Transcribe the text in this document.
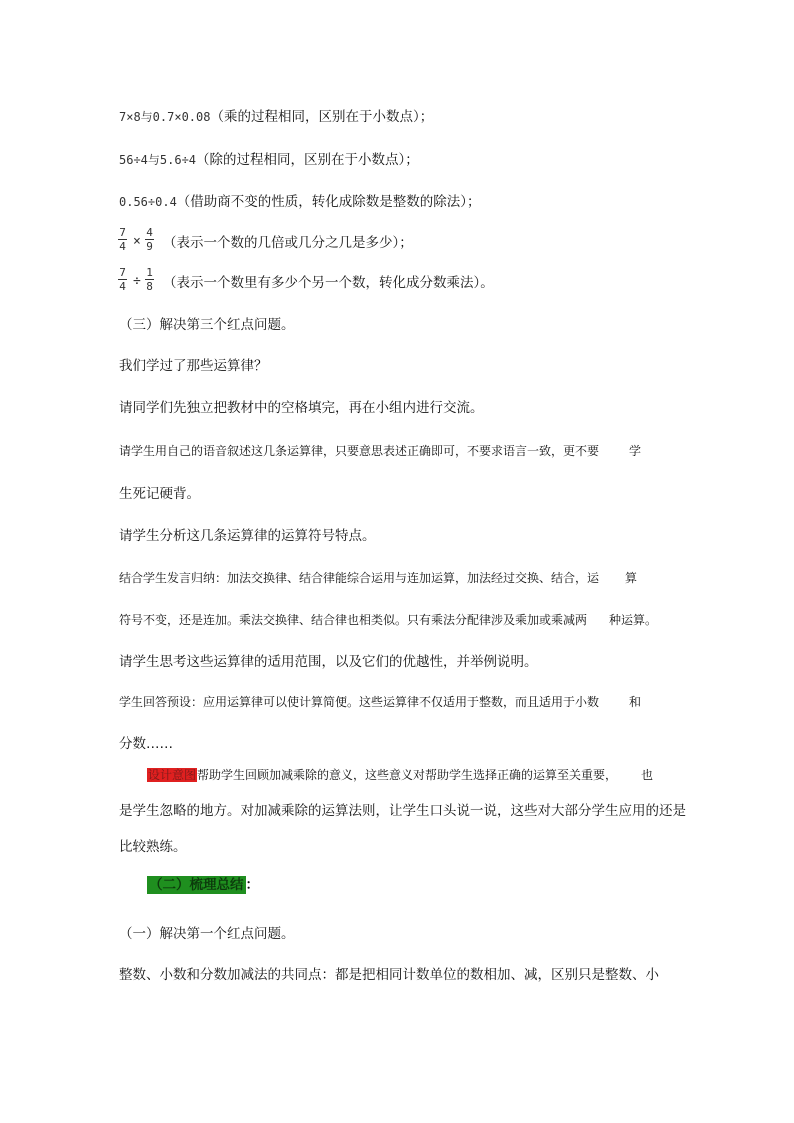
7×8与0.7×0.08（乘的过程相同，区别在于小数点）；
56÷4与5.6÷4（除的过程相同，区别在于小数点）；
0.56÷0.4（借助商不变的性质，转化成除数是整数的除法）；
7
4 ×
4
9 （表示一个数的几倍或几分之几是多少）；
7
4 ÷
1
8 （表示一个数里有多少个另一个数，转化成分数乘法）。
（三）解决第三个红点问题。
我们学过了那些运算律？
请同学们先独立把教材中的空格填完，再在小组内进行交流。
请学生用自己的语音叙述这几条运算律，只要意思表述正确即可，不要求语言一致，更不要	学
生死记硬背。
请学生分析这几条运算律的运算符号特点。
结合学生发言归纳：加法交换律、结合律能综合运用与连加运算，加法经过交换、结合，运 算
符号不变，还是连加。乘法交换律、结合律也相类似。只有乘法分配律涉及乘加或乘减两 种运算。
请学生思考这些运算律的适用范围，以及它们的优越性，并举例说明。
学生回答预设：应用运算律可以使计算简便。这些运算律不仅适用于整数，而且适用于小数	和
分数……
设计意图帮助学生回顾加减乘除的意义，这些意义对帮助学生选择正确的运算至关重要， 也
是学生忽略的地方。对加减乘除的运算法则，让学生口头说一说，这些对大部分学生应用的还是
比较熟练。
（二）梳理总结 ：
（一）解决第一个红点问题。
整数、小数和分数加减法的共同点：都是把相同计数单位的数相加、减，区别只是整数、小
